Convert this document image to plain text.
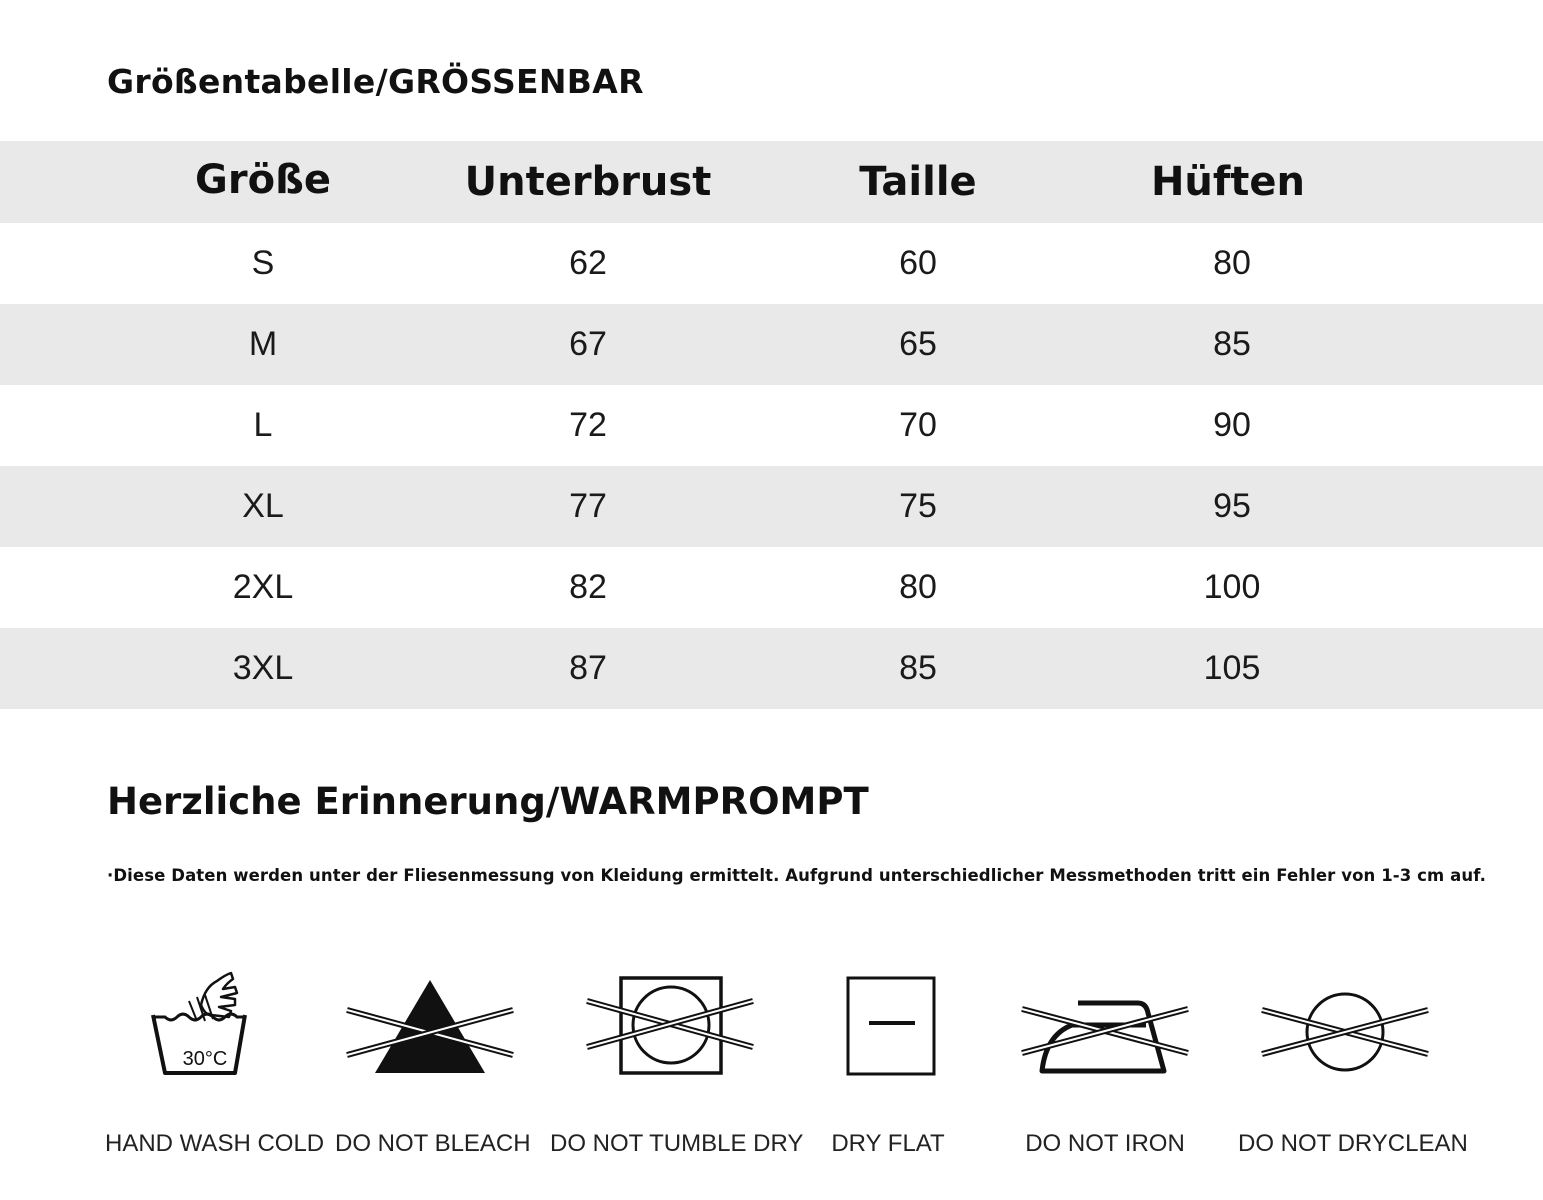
Größentabelle/GRÖSSENBAR
Größe	Unterbrust	Taille	Hüften
S	62	60	80
M	67	65	85
L	72	70	90
XL	77	75	95
2XL	82	80	100
3XL	87	85	105
Herzliche Erinnerung/WARMPROMPT
·Diese Daten werden unter der Fliesenmessung von Kleidung ermittelt. Aufgrund unterschiedlicher Messmethoden tritt ein Fehler von 1-3 cm auf.
30°C
HAND WASH COLD DO NOT BLEACH DO NOT TUMBLE DRY DRY FLAT	DO NOT IRON DO NOT DRYCLEAN
